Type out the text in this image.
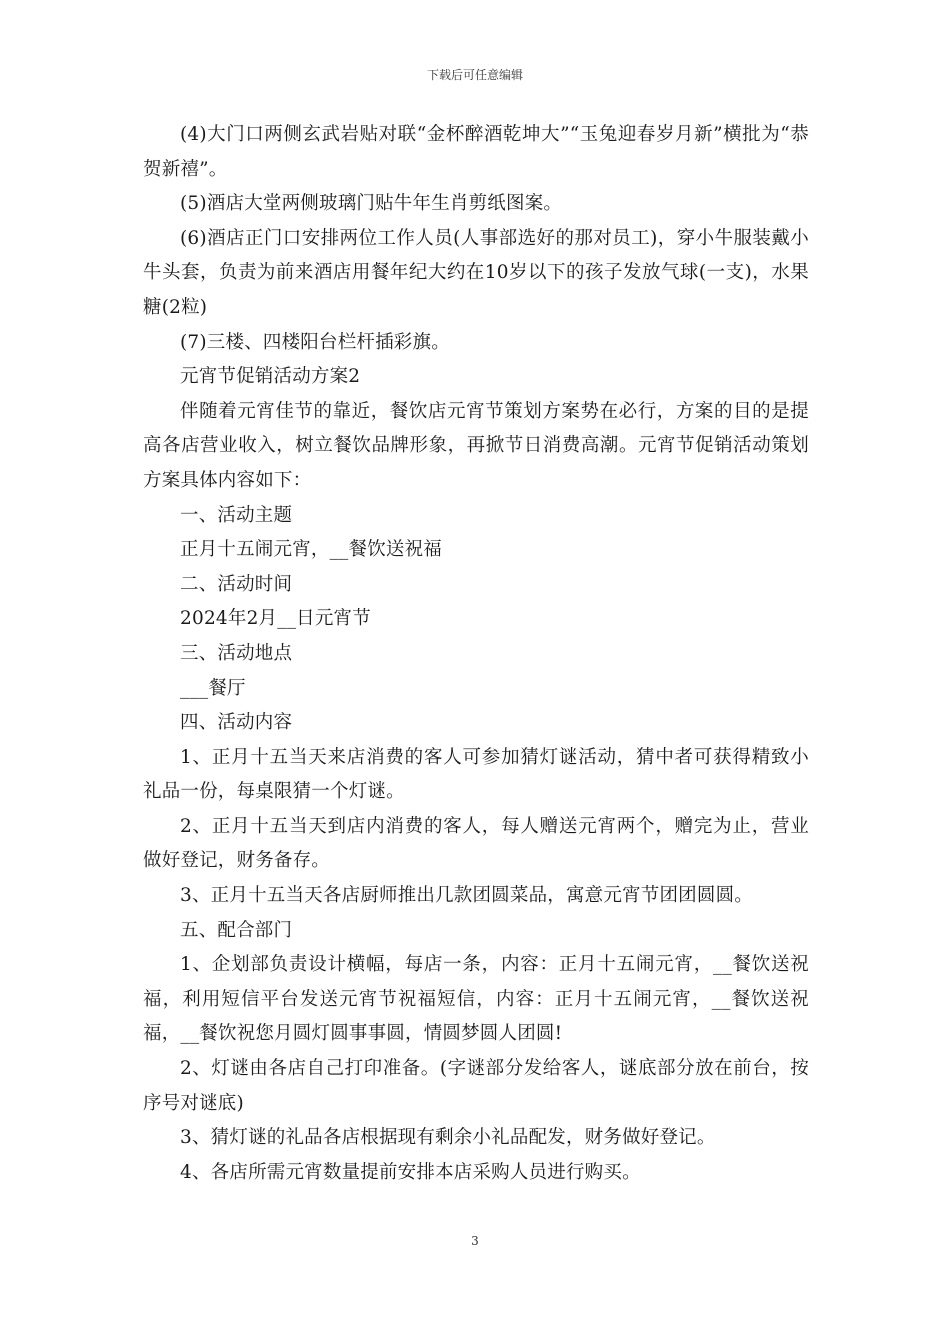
下载后可任意编辑

(4)大门口两侧玄武岩贴对联“金杯醉酒乾坤大”“玉兔迎春岁月新”横批为“恭贺新禧”。

(5)酒店大堂两侧玻璃门贴牛年生肖剪纸图案。

(6)酒店正门口安排两位工作人员(人事部选好的那对员工)，穿小牛服装戴小牛头套，负责为前来酒店用餐年纪大约在10岁以下的孩子发放气球(一支)，水果糖(2粒)

(7)三楼、四楼阳台栏杆插彩旗。

元宵节促销活动方案2

伴随着元宵佳节的靠近，餐饮店元宵节策划方案势在必行，方案的目的是提高各店营业收入，树立餐饮品牌形象，再掀节日消费高潮。元宵节促销活动策划方案具体内容如下：

一、活动主题

正月十五闹元宵，__餐饮送祝福

二、活动时间

2024年2月__日元宵节

三、活动地点

___餐厅

四、活动内容

1、正月十五当天来店消费的客人可参加猜灯谜活动，猜中者可获得精致小礼品一份，每桌限猜一个灯谜。

2、正月十五当天到店内消费的客人，每人赠送元宵两个，赠完为止，营业做好登记，财务备存。

3、正月十五当天各店厨师推出几款团圆菜品，寓意元宵节团团圆圆。

五、配合部门

1、企划部负责设计横幅，每店一条，内容：正月十五闹元宵，__餐饮送祝福，利用短信平台发送元宵节祝福短信，内容：正月十五闹元宵，__餐饮送祝福，__餐饮祝您月圆灯圆事事圆，情圆梦圆人团圆!

2、灯谜由各店自己打印准备。(字谜部分发给客人，谜底部分放在前台，按序号对谜底)

3、猜灯谜的礼品各店根据现有剩余小礼品配发，财务做好登记。

4、各店所需元宵数量提前安排本店采购人员进行购买。

3
